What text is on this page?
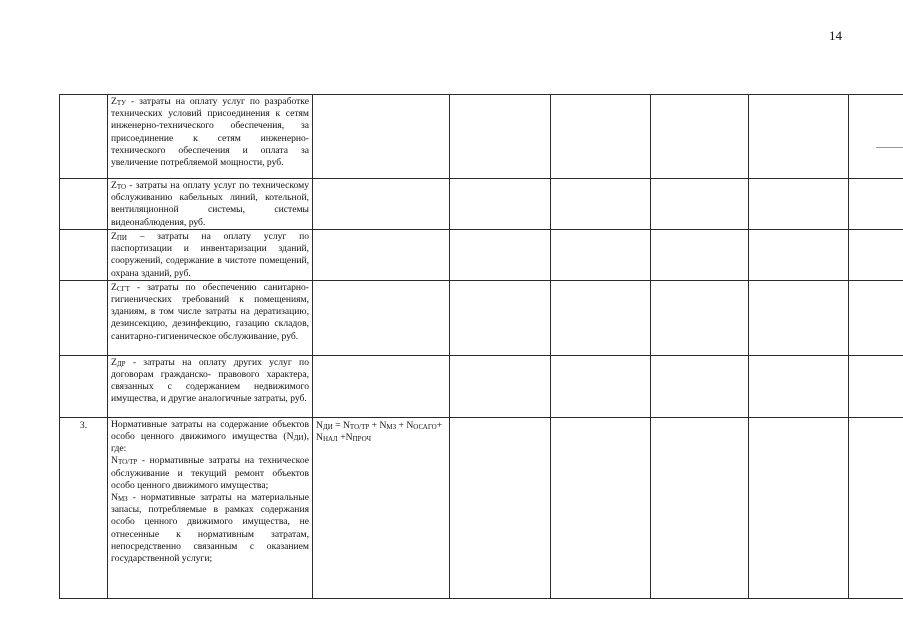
14

	$Z_{ТУ}$ - затраты на оплату услуг по разработке технических условий присоединения к сетям инженерно-технического обеспечения, за присоединение к сетям инженерно-технического обеспечения и оплата за увеличение потребляемой мощности, руб.						

	$Z_{ТО}$ - затраты на оплату услуг по техническому обслуживанию кабельных линий, котельной, вентиляционной системы, системы видеонаблюдения, руб.						

	$Z_{ПИ}$ – затраты на оплату услуг по паспортизации и инвентаризации зданий, сооружений, содержание в чистоте помещений, охрана зданий, руб.						

	$Z_{СГТ}$ - затраты по обеспечению санитарно-гигиенических требований к помещениям, зданиям, в том числе затраты на дератизацию, дезинсекцию, дезинфекцию, газацию складов, санитарно-гигиеническое обслуживание, руб.						

	$Z_{ДР}$ - затраты на оплату других услуг по договорам гражданско- правового характера, связанных с содержанием недвижимого имущества, и другие аналогичные затраты, руб.						

3.	Нормативные затраты на содержание объектов особо ценного движимого имущества $(N_{ДИ})$, где:
$N_{ТО/ТР}$ - нормативные затраты на техническое обслуживание и текущий ремонт объектов особо ценного движимого имущества;
$N_{МЗ}$ - нормативные затраты на материальные запасы, потребляемые в рамках содержания особо ценного движимого имущества, не отнесенные к нормативным затратам, непосредственно связанным с оказанием государственной услуги;	$N_{ДИ} = N_{ТО/ТР} + N_{МЗ} + N_{ОСАГО}+ N_{НАЛ} +N_{ПРОЧ}$					
